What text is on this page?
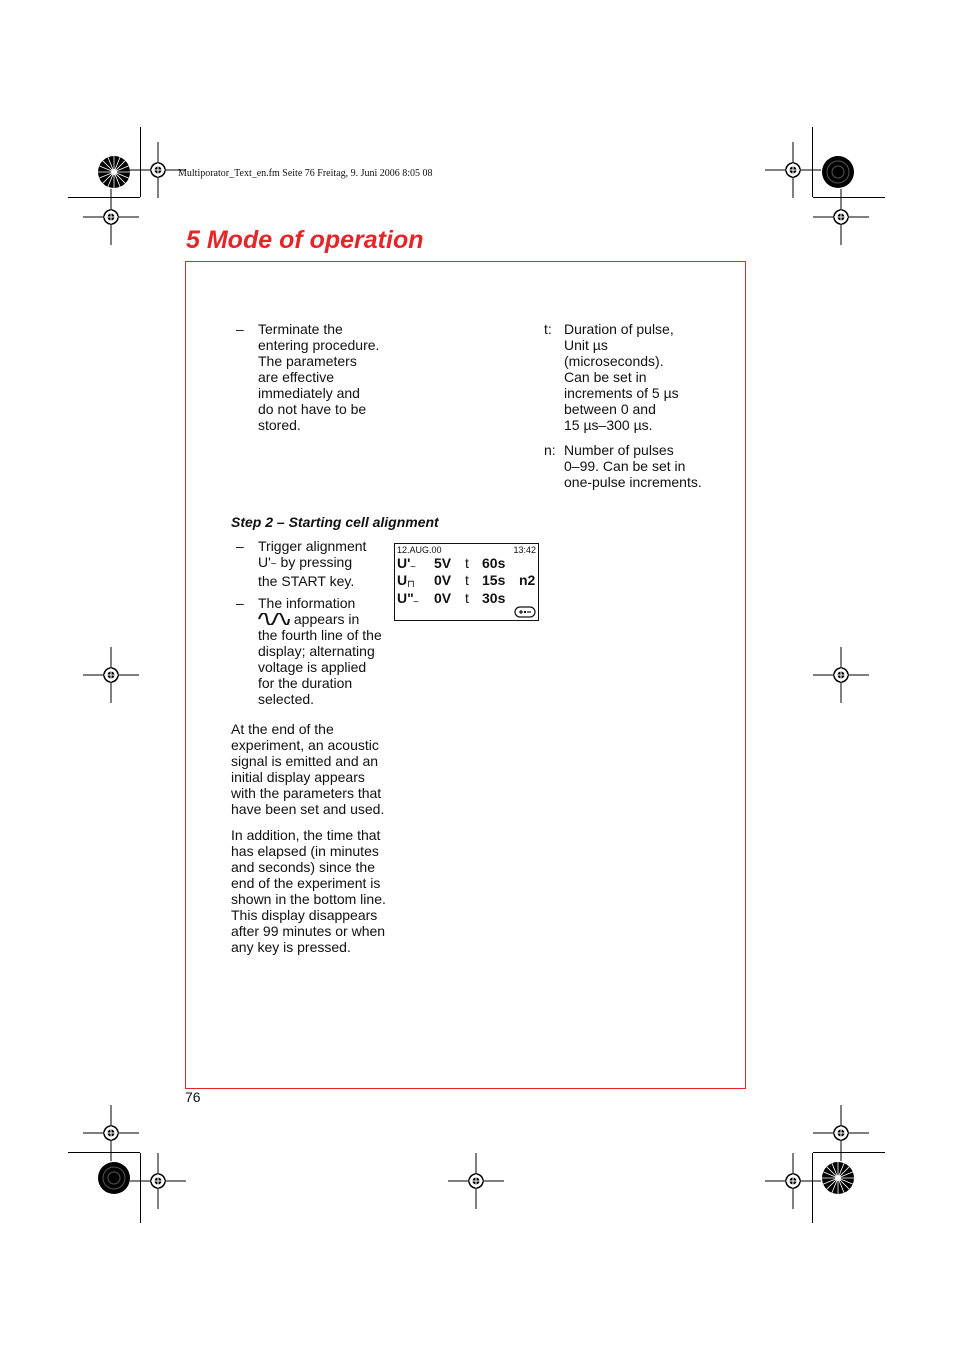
Multiporator_Text_en.fm Seite 76 Freitag, 9. Juni 2006 8:05 08
5 Mode of operation
– Terminate the
entering procedure.
The parameters
are effective
immediately and
do not have to be
stored.
t: Duration of pulse,
Unit µs
(microseconds).
Can be set in
increments of 5 µs
between 0 and
15 µs–300 µs.
n: Number of pulses
0–99. Can be set in
one-pulse increments.
Step 2 – Starting cell alignment
– Trigger alignment
U'~ by pressing
the START key.
– The information
appears in
the fourth line of the
display; alternating
voltage is applied
for the duration
selected.
12.AUG.00	13:42
U' ~ 5V t 60s
U ⊓ 0V t 15s n2
U" ~ 0V t 30s
At the end of the
experiment, an acoustic
signal is emitted and an
initial display appears
with the parameters that
have been set and used.
In addition, the time that
has elapsed (in minutes
and seconds) since the
end of the experiment is
shown in the bottom line.
This display disappears
after 99 minutes or when
any key is pressed.
76
